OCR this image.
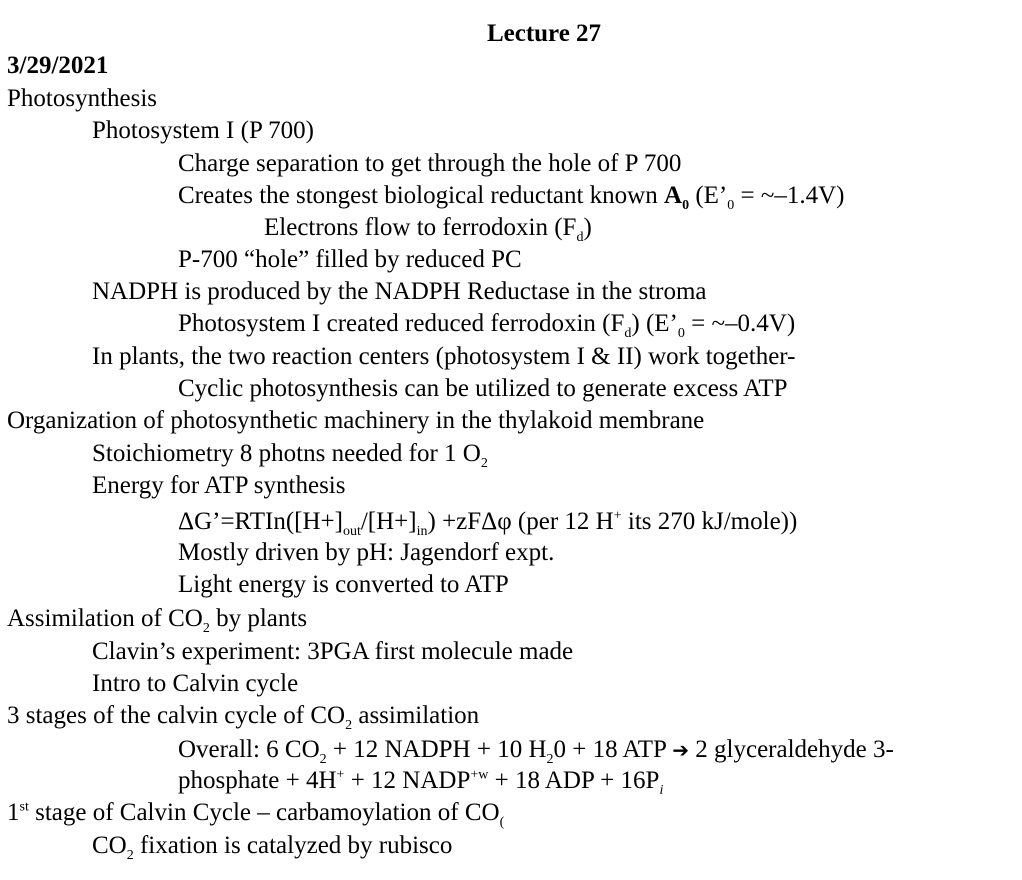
Lecture 27
3/29/2021
Photosynthesis
Photosystem I (P 700)
Charge separation to get through the hole of P 700
Creates the stongest biological reductant known $A_0$ ($E’_0$ = ~–1.4V)
Electrons flow to ferrodoxin $(F_d)$
P-700 “hole” filled by reduced PC
NADPH is produced by the NADPH Reductase in the stroma
Photosystem I created reduced ferrodoxin $(F_d)$ ($E’_0$ = ~–0.4V)
In plants, the two reaction centers (photosystem I & II) work together-
Cyclic photosynthesis can be utilized to generate excess ATP
Organization of photosynthetic machinery in the thylakoid membrane
Stoichiometry 8 photns needed for 1 $O_2$
Energy for ATP synthesis
$\Delta G’=RTIn([H+]_{out}/[H+]_{in}) +zF\Delta\varphi$ (per 12 H+ its 270 kJ/mole))
Mostly driven by pH: Jagendorf expt.
Light energy is converted to ATP
Assimilation of $CO_2$ by plants
Clavin’s experiment: 3PGA first molecule made
Intro to Calvin cycle
3 stages of the calvin cycle of $CO_2$ assimilation
Overall: 6 $CO_2 + 12$ NADPH + 10 $H_20 + 18$ ATP ➔ 2 glyceraldehyde 3-
phosphate + 4H+ + 12 $NADP^{+w} + 18$ ADP + $16P_i$
1st stage of Calvin Cycle – carbamoylation of $CO_($
$CO_2$ fixation is catalyzed by rubisco
